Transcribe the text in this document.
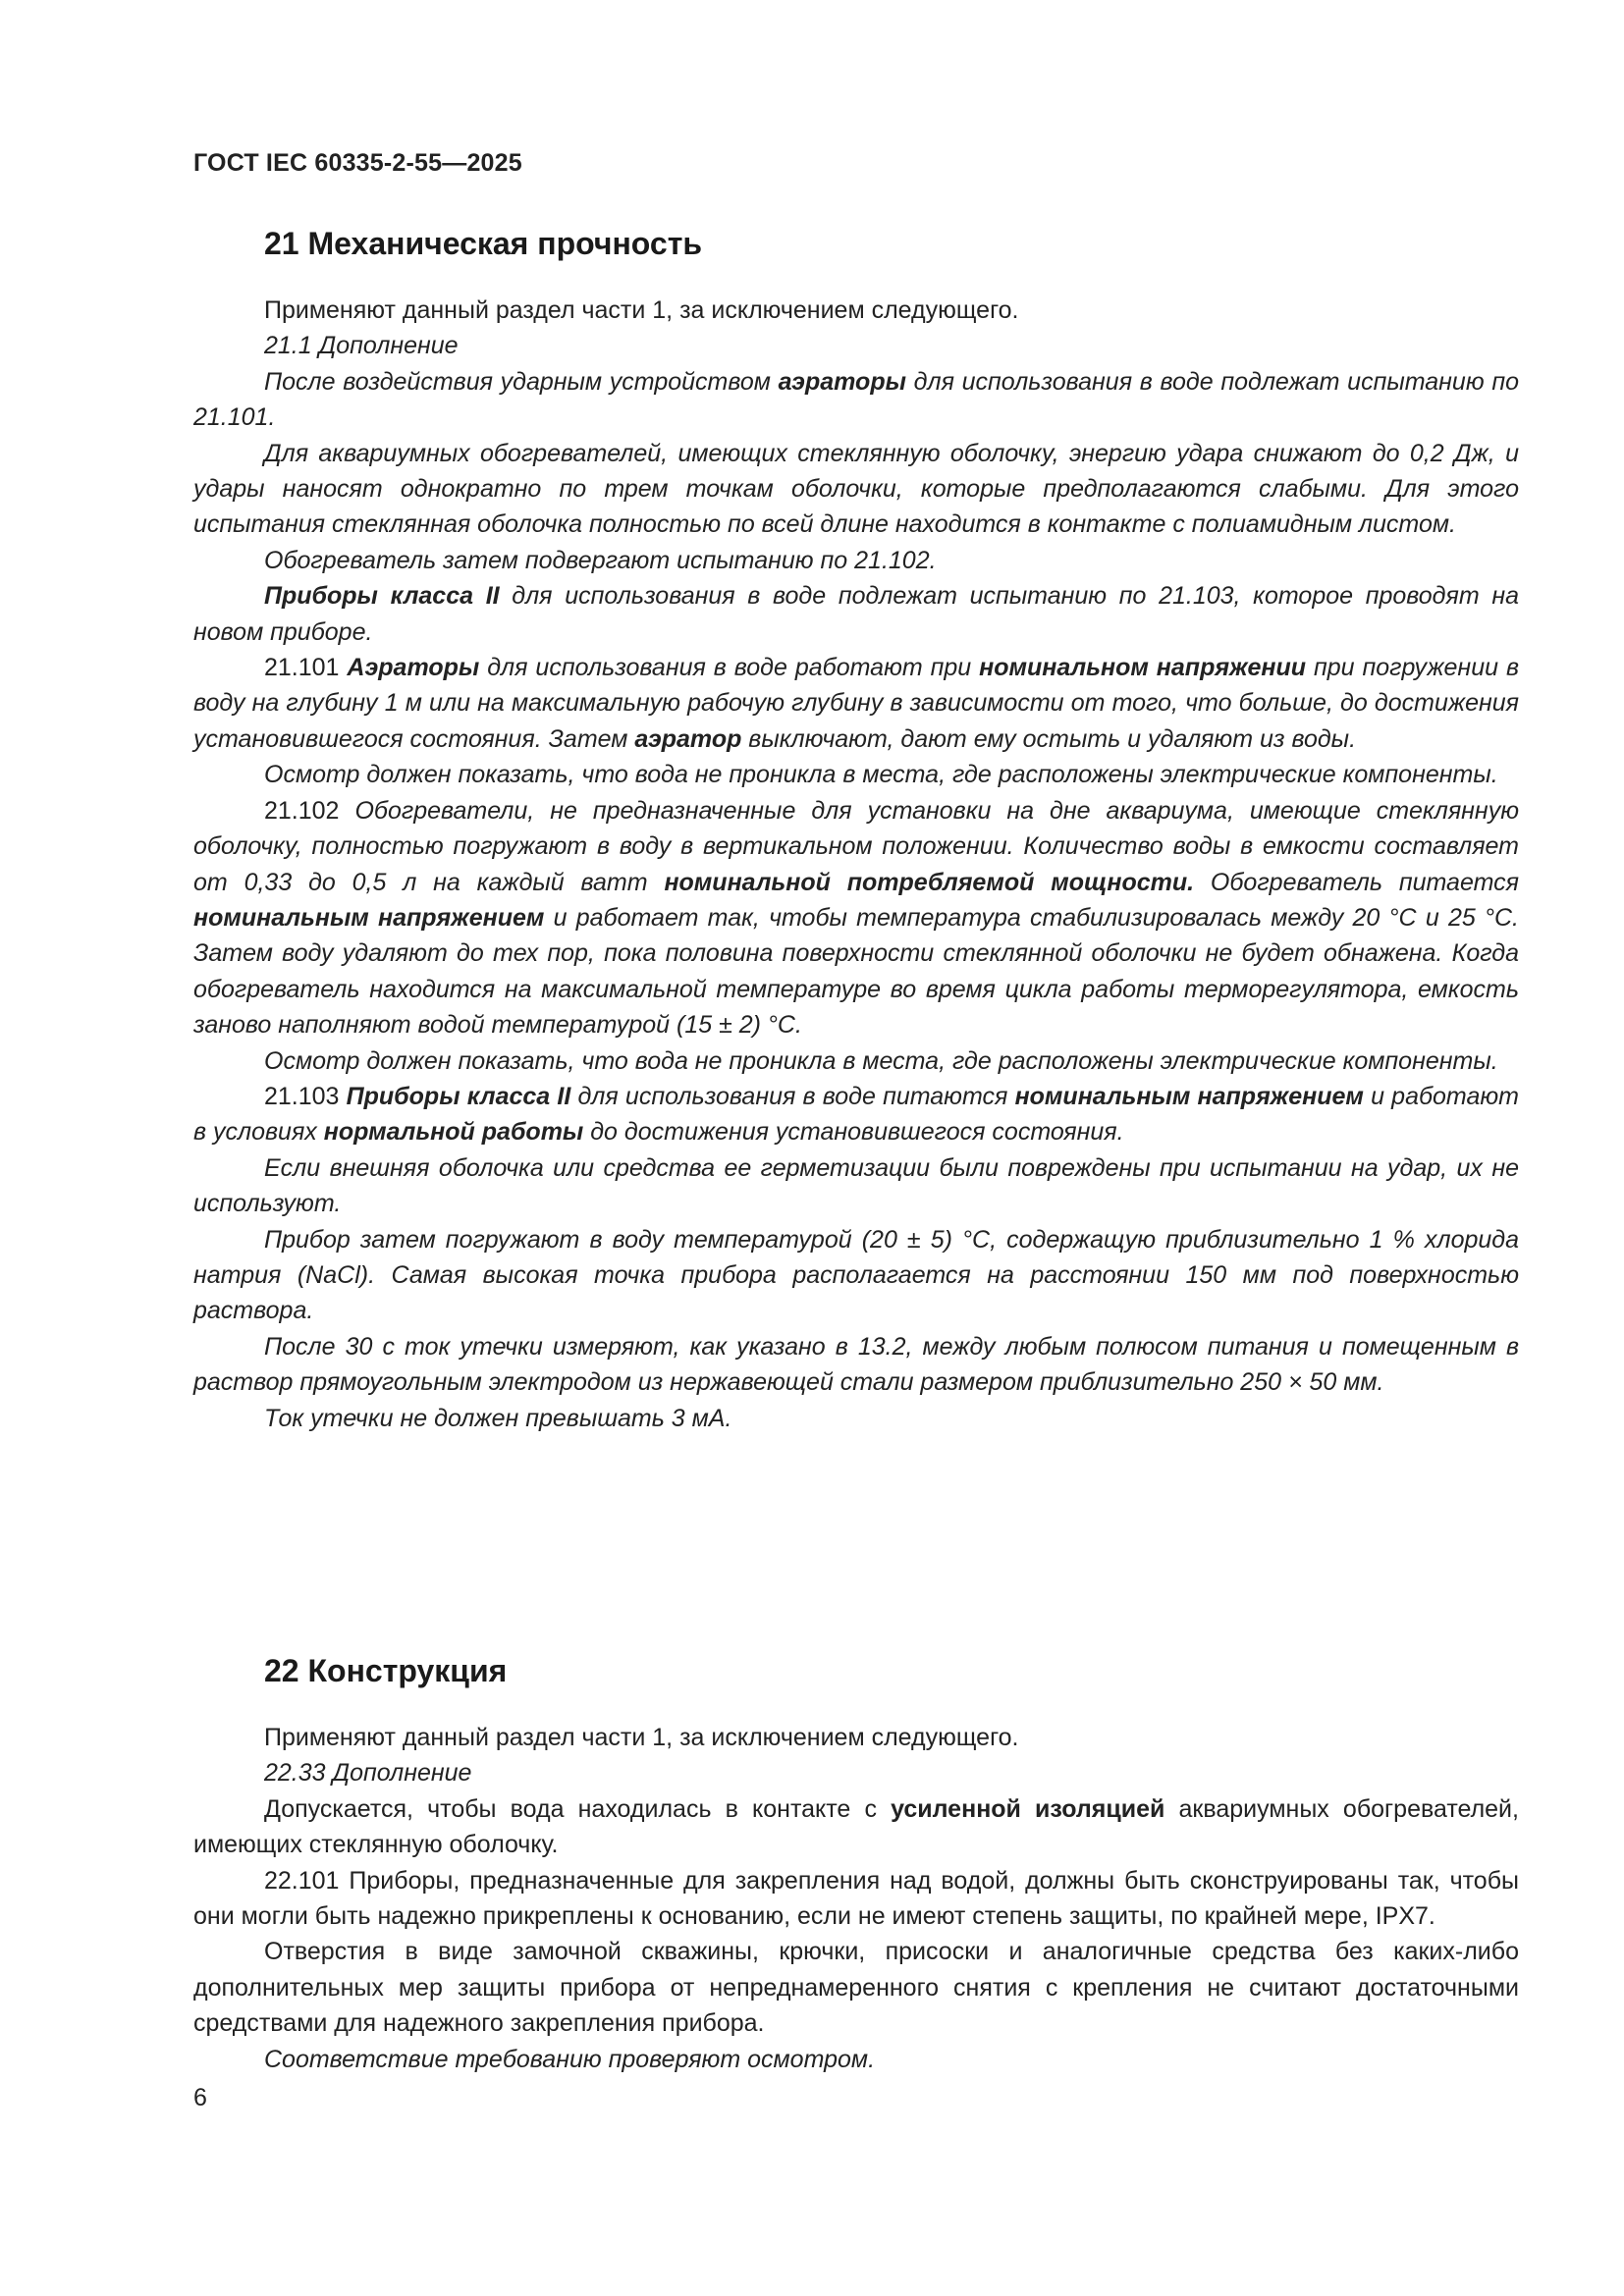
ГОСТ IEC 60335-2-55—2025
21 Механическая прочность

Применяют данный раздел части 1, за исключением следующего.

21.1 Дополнение

После воздействия ударным устройством аэраторы для использования в воде подлежат испытанию по 21.101.

Для аквариумных обогревателей, имеющих стеклянную оболочку, энергию удара снижают до 0,2 Дж, и удары наносят однократно по трем точкам оболочки, которые предполагаются слабыми. Для этого испытания стеклянная оболочка полностью по всей длине находится в контакте с полиамидным листом.

Обогреватель затем подвергают испытанию по 21.102.

Приборы класса II для использования в воде подлежат испытанию по 21.103, которое проводят на новом приборе.

21.101 Аэраторы для использования в воде работают при номинальном напряжении при погружении в воду на глубину 1 м или на максимальную рабочую глубину в зависимости от того, что больше, до достижения установившегося состояния. Затем аэратор выключают, дают ему остыть и удаляют из воды.

Осмотр должен показать, что вода не проникла в места, где расположены электрические компоненты.

21.102 Обогреватели, не предназначенные для установки на дне аквариума, имеющие стеклянную оболочку, полностью погружают в воду в вертикальном положении. Количество воды в емкости составляет от 0,33 до 0,5 л на каждый ватт номинальной потребляемой мощности. Обогреватель питается номинальным напряжением и работает так, чтобы температура стабилизировалась между 20 °C и 25 °C. Затем воду удаляют до тех пор, пока половина поверхности стеклянной оболочки не будет обнажена. Когда обогреватель находится на максимальной температуре во время цикла работы терморегулятора, емкость заново наполняют водой температурой (15 ± 2) °C.

Осмотр должен показать, что вода не проникла в места, где расположены электрические компоненты.

21.103 Приборы класса II для использования в воде питаются номинальным напряжением и работают в условиях нормальной работы до достижения установившегося состояния.

Если внешняя оболочка или средства ее герметизации были повреждены при испытании на удар, их не используют.

Прибор затем погружают в воду температурой (20 ± 5) °C, содержащую приблизительно 1 % хлорида натрия (NaCl). Самая высокая точка прибора располагается на расстоянии 150 мм под поверхностью раствора.

После 30 с ток утечки измеряют, как указано в 13.2, между любым полюсом питания и помещенным в раствор прямоугольным электродом из нержавеющей стали размером приблизительно 250 × 50 мм.

Ток утечки не должен превышать 3 мА.

22 Конструкция

Применяют данный раздел части 1, за исключением следующего.

22.33 Дополнение

Допускается, чтобы вода находилась в контакте с усиленной изоляцией аквариумных обогревателей, имеющих стеклянную оболочку.

22.101 Приборы, предназначенные для закрепления над водой, должны быть сконструированы так, чтобы они могли быть надежно прикреплены к основанию, если не имеют степень защиты, по крайней мере, IPX7.

Отверстия в виде замочной скважины, крючки, присоски и аналогичные средства без каких-либо дополнительных мер защиты прибора от непреднамеренного снятия с крепления не считают достаточными средствами для надежного закрепления прибора.

Соответствие требованию проверяют осмотром.

6
